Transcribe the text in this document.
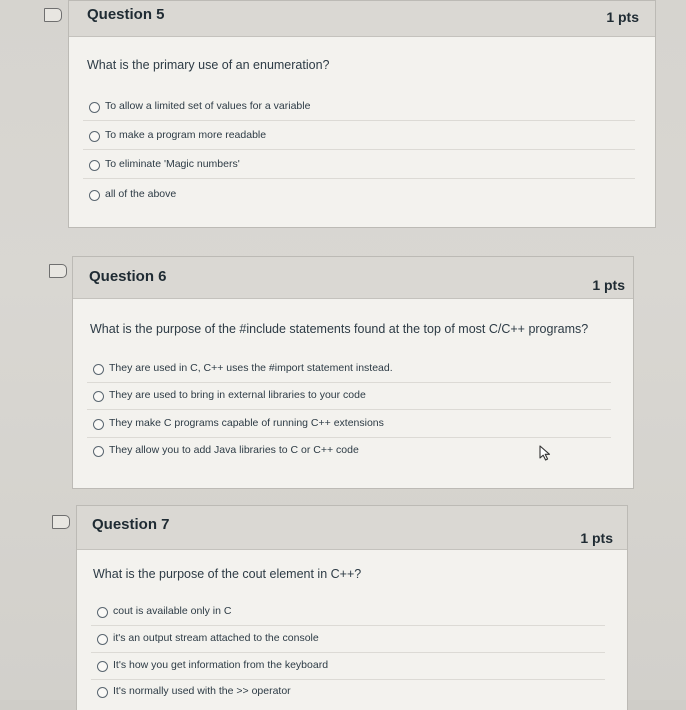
Question 5	1 pts
What is the primary use of an enumeration?
To allow a limited set of values for a variable
To make a program more readable
To eliminate 'Magic numbers'
all of the above
Question 6	1 pts
What is the purpose of the #include statements found at the top of most C/C++ programs?
They are used in C, C++ uses the #import statement instead.
They are used to bring in external libraries to your code
They make C programs capable of running C++ extensions
They allow you to add Java libraries to C or C++ code
Question 7
1 pts
What is the purpose of the cout element in C++?
cout is available only in C
it's an output stream attached to the console
It's how you get information from the keyboard
It's normally used with the >> operator
